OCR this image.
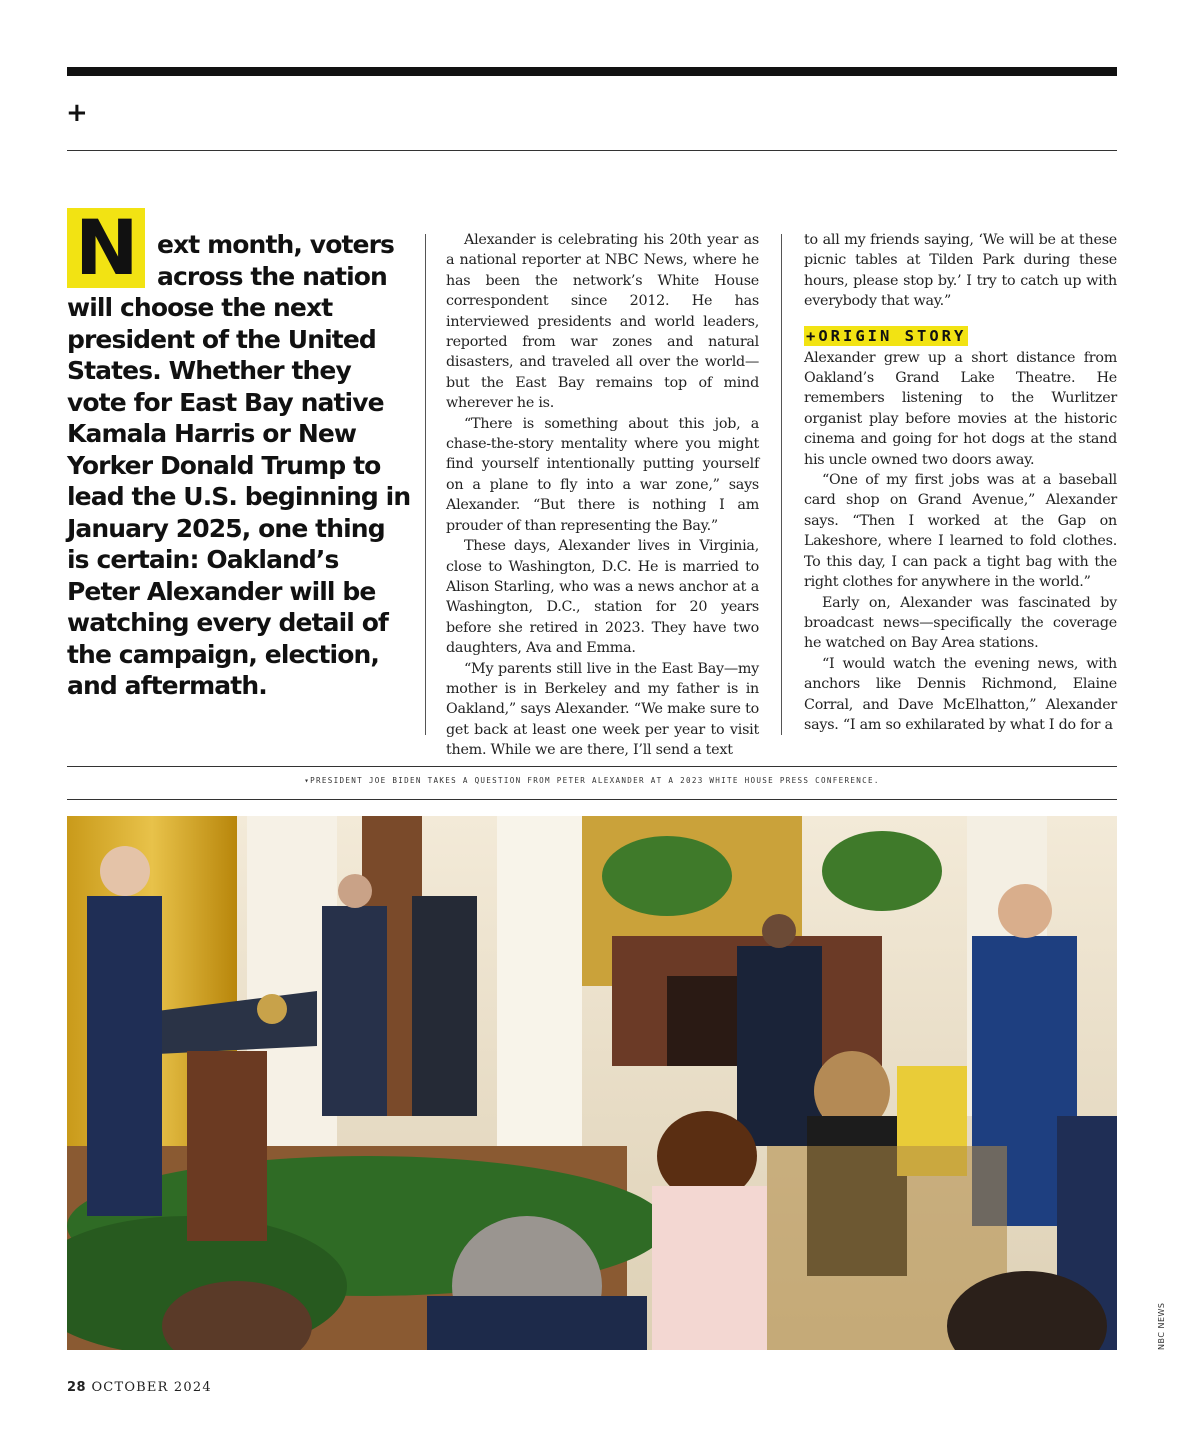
+
N ext month, voters across the nation will choose the next president of the United States. Whether they vote for East Bay native Kamala Harris or New Yorker Donald Trump to lead the U.S. beginning in January 2025, one thing is certain: Oakland’s Peter Alexander will be watching every detail of the campaign, election, and aftermath.

Alexander is celebrating his 20th year as a national reporter at NBC News, where he has been the network’s White House correspondent since 2012. He has interviewed presidents and world leaders, reported from war zones and natural disasters, and traveled all over the world—but the East Bay remains top of mind wherever he is.

“There is something about this job, a chase-the-story mentality where you might find yourself intentionally putting yourself on a plane to fly into a war zone,” says Alexander. “But there is nothing I am prouder of than representing the Bay.”

These days, Alexander lives in Virginia, close to Washington, D.C. He is married to Alison Starling, who was a news anchor at a Washington, D.C., station for 20 years before she retired in 2023. They have two daughters, Ava and Emma.

“My parents still live in the East Bay—my mother is in Berkeley and my father is in Oakland,” says Alexander. “We make sure to get back at least one week per year to visit them. While we are there, I’ll send a text

to all my friends saying, ‘We will be at these picnic tables at Tilden Park during these hours, please stop by.’ I try to catch up with everybody that way.”

+ORIGIN STORY

Alexander grew up a short distance from Oakland’s Grand Lake Theatre. He remembers listening to the Wurlitzer organist play before movies at the historic cinema and going for hot dogs at the stand his uncle owned two doors away.

“One of my first jobs was at a baseball card shop on Grand Avenue,” Alexander says. “Then I worked at the Gap on Lakeshore, where I learned to fold clothes. To this day, I can pack a tight bag with the right clothes for anywhere in the world.”

Early on, Alexander was fascinated by broadcast news—specifically the coverage he watched on Bay Area stations.

“I would watch the evening news, with anchors like Dennis Richmond, Elaine Corral, and Dave McElhatton,” Alexander says. “I am so exhilarated by what I do for a

▾PRESIDENT JOE BIDEN TAKES A QUESTION FROM PETER ALEXANDER AT A 2023 WHITE HOUSE PRESS CONFERENCE.
NBC NEWS
28 OCTOBER 2024
